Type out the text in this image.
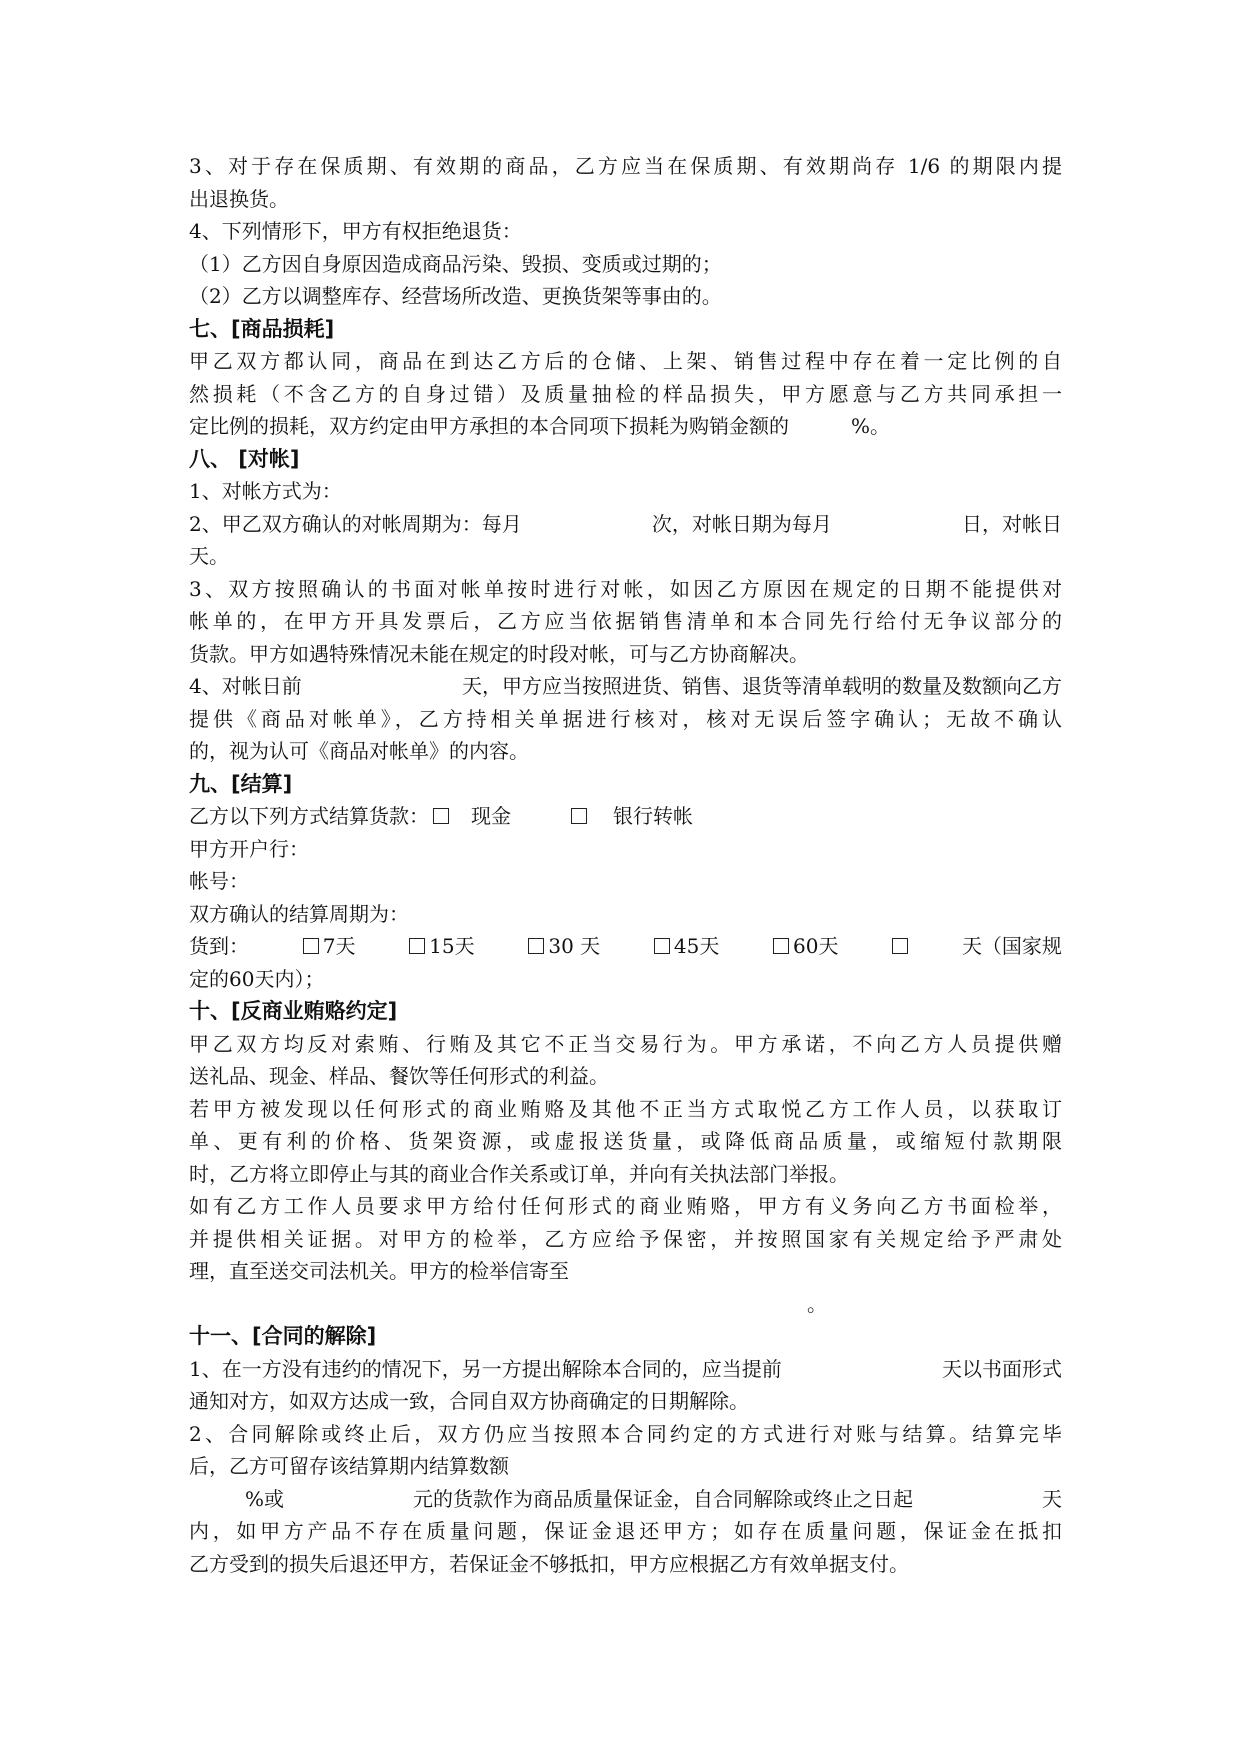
3、对于存在保质期、有效期的商品，乙方应当在保质期、有效期尚存 1/6 的期限内提
出退换货。
4、下列情形下，甲方有权拒绝退货：
（1）乙方因自身原因造成商品污染、毁损、变质或过期的；
（2）乙方以调整库存、经营场所改造、更换货架等事由的。
七、[商品损耗]
甲乙双方都认同，商品在到达乙方后的仓储、上架、销售过程中存在着一定比例的自
然损耗（不含乙方的自身过错）及质量抽检的样品损失，甲方愿意与乙方共同承担一
定比例的损耗，双方约定由甲方承担的本合同项下损耗为购销金额的	%。
八、 [对帐]
1、对帐方式为：
2、甲乙双方确认的对帐周期为：每月	次，对帐日期为每月	日，对帐日
天。
3、双方按照确认的书面对帐单按时进行对帐，如因乙方原因在规定的日期不能提供对
帐单的，在甲方开具发票后，乙方应当依据销售清单和本合同先行给付无争议部分的
货款。甲方如遇特殊情况未能在规定的时段对帐，可与乙方协商解决。
4、对帐日前	天，甲方应当按照进货、销售、退货等清单载明的数量及数额向乙方
提供《商品对帐单》，乙方持相关单据进行核对，核对无误后签字确认；无故不确认
的，视为认可《商品对帐单》的内容。
九、[结算]
乙方以下列方式结算货款： 现金	银行转帐
甲方开户行：
帐号：
双方确认的结算周期为：
货到：	7天	15天	30 天	45天	60天	天（国家规
定的60天内）；
十、[反商业贿赂约定]
甲乙双方均反对索贿、行贿及其它不正当交易行为。甲方承诺，不向乙方人员提供赠
送礼品、现金、样品、餐饮等任何形式的利益。
若甲方被发现以任何形式的商业贿赂及其他不正当方式取悦乙方工作人员，以获取订
单、更有利的价格、货架资源，或虚报送货量，或降低商品质量，或缩短付款期限
时，乙方将立即停止与其的商业合作关系或订单，并向有关执法部门举报。
如有乙方工作人员要求甲方给付任何形式的商业贿赂，甲方有义务向乙方书面检举，
并提供相关证据。对甲方的检举，乙方应给予保密，并按照国家有关规定给予严肃处
理，直至送交司法机关。甲方的检举信寄至
。
十一、[合同的解除]
1、在一方没有违约的情况下，另一方提出解除本合同的，应当提前	天以书面形式
通知对方，如双方达成一致，合同自双方协商确定的日期解除。
2、合同解除或终止后，双方仍应当按照本合同约定的方式进行对账与结算。结算完毕
后，乙方可留存该结算期内结算数额
%或	元的货款作为商品质量保证金，自合同解除或终止之日起	天
内，如甲方产品不存在质量问题，保证金退还甲方；如存在质量问题，保证金在抵扣
乙方受到的损失后退还甲方，若保证金不够抵扣，甲方应根据乙方有效单据支付。
